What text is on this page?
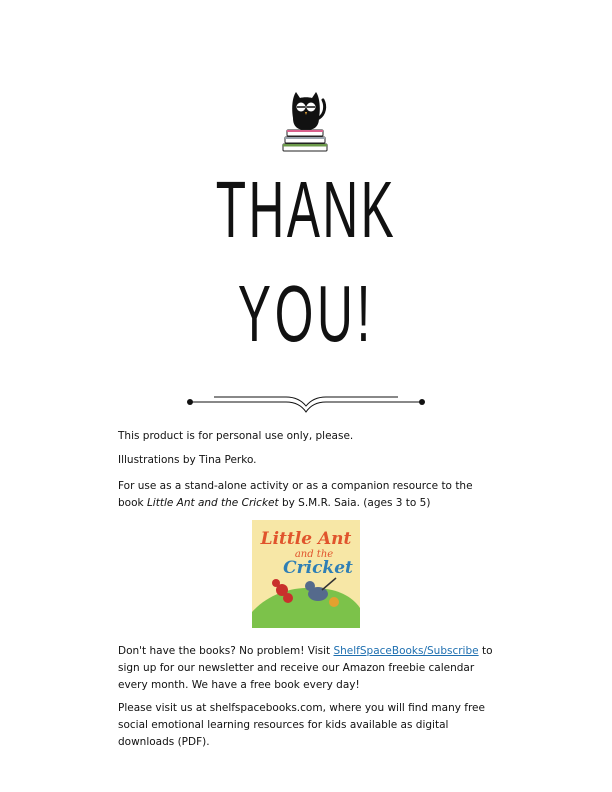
THANK
YOU!
This product is for personal use only, please.
Illustrations by Tina Perko.
For use as a stand-alone activity or as a companion resource to the book Little Ant and the Cricket by S.M.R. Saia. (ages 3 to 5)
Little Ant
and the
Cricket
Don't have the books? No problem! Visit ShelfSpaceBooks/Subscribe to sign up for our newsletter and receive our Amazon freebie calendar every month. We have a free book every day!
Please visit us at shelfspacebooks.com, where you will find many free social emotional learning resources for kids available as digital downloads (PDF).
